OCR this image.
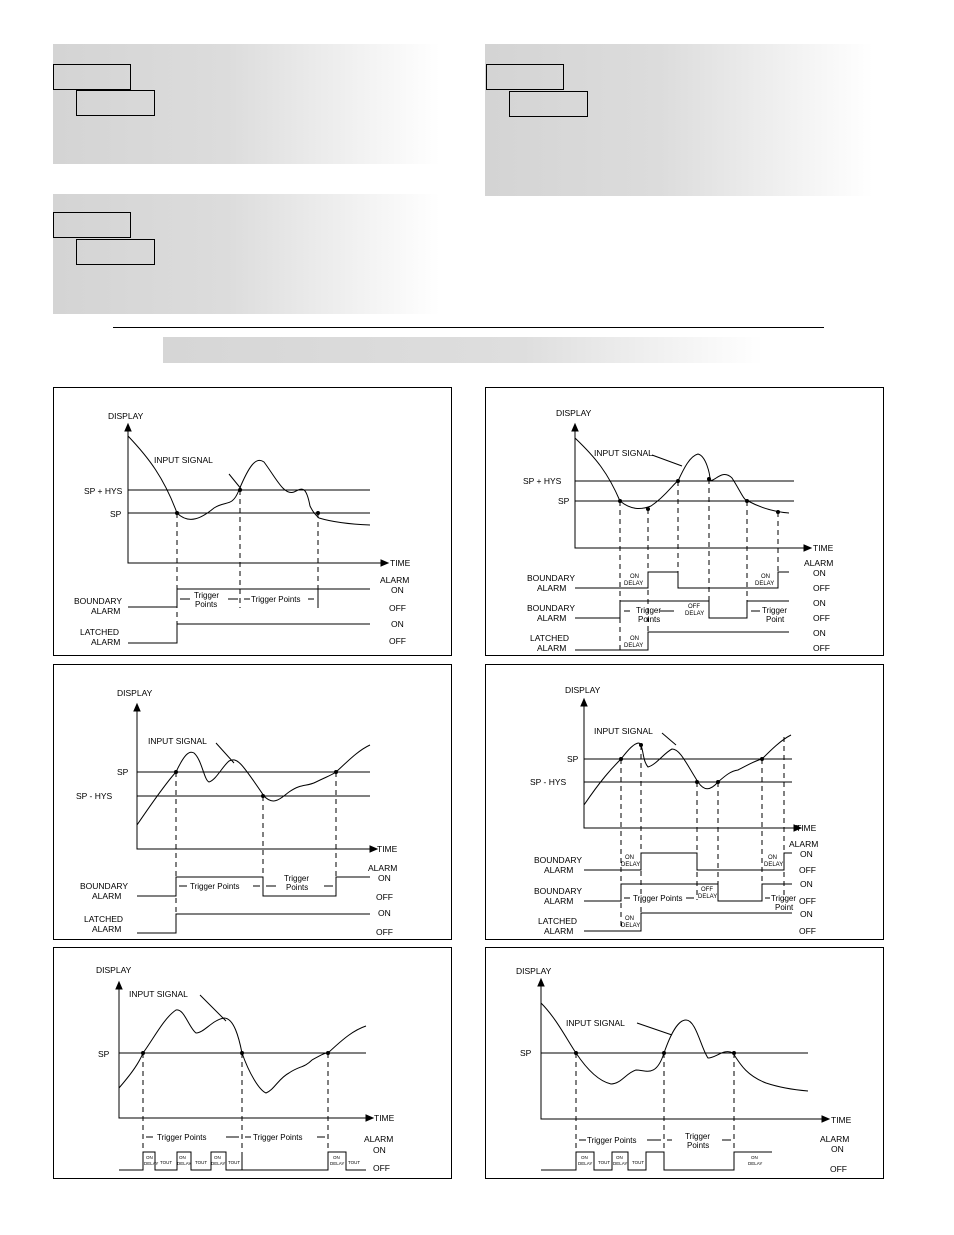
DISPLAY
TIME
INPUT SIGNAL
SP + HYS
SP
BOUNDARY
ALARM
LATCHED
ALARM
ALARM
ON
OFF
ON
OFF
Trigger
Points
Trigger Points
DISPLAY
TIME
INPUT SIGNAL
SP + HYS
SP
BOUNDARY
ALARM
BOUNDARY
ALARM
LATCHED
ALARM
ALARM
ON
OFF
ON
OFF
ON
OFF
ON
DELAY
ON
DELAY
OFF
DELAY
ON
DELAY
Trigger
Points
Trigger
Point
DISPLAY
TIME
INPUT SIGNAL
SP
SP - HYS
BOUNDARY
ALARM
LATCHED
ALARM
ALARM
ON
OFF
ON
OFF
Trigger Points
Trigger
Points
DISPLAY
TIME
INPUT SIGNAL
SP
SP - HYS
BOUNDARY
ALARM
BOUNDARY
ALARM
LATCHED
ALARM
ALARM
ON
OFF
ON
OFF
ON
OFF
ON
DELAY
ON
DELAY
OFF
DELAY
ON
DELAY
Trigger Points	Trigger
Point
DISPLAY
TIME
INPUT SIGNAL
SP
ALARM
ON
OFF
Trigger Points	Trigger Points
ON
DELAY TOUT
ON
DELAY TOUT
ON
DELAY TOUT
ON
DELAY TOUT
DISPLAY
TIME
INPUT SIGNAL
SP
ALARM
ON
OFF
Trigger Points	Trigger
Points
ON
DELAY TOUT
ON
DELAY TOUT
ON
DELAY
